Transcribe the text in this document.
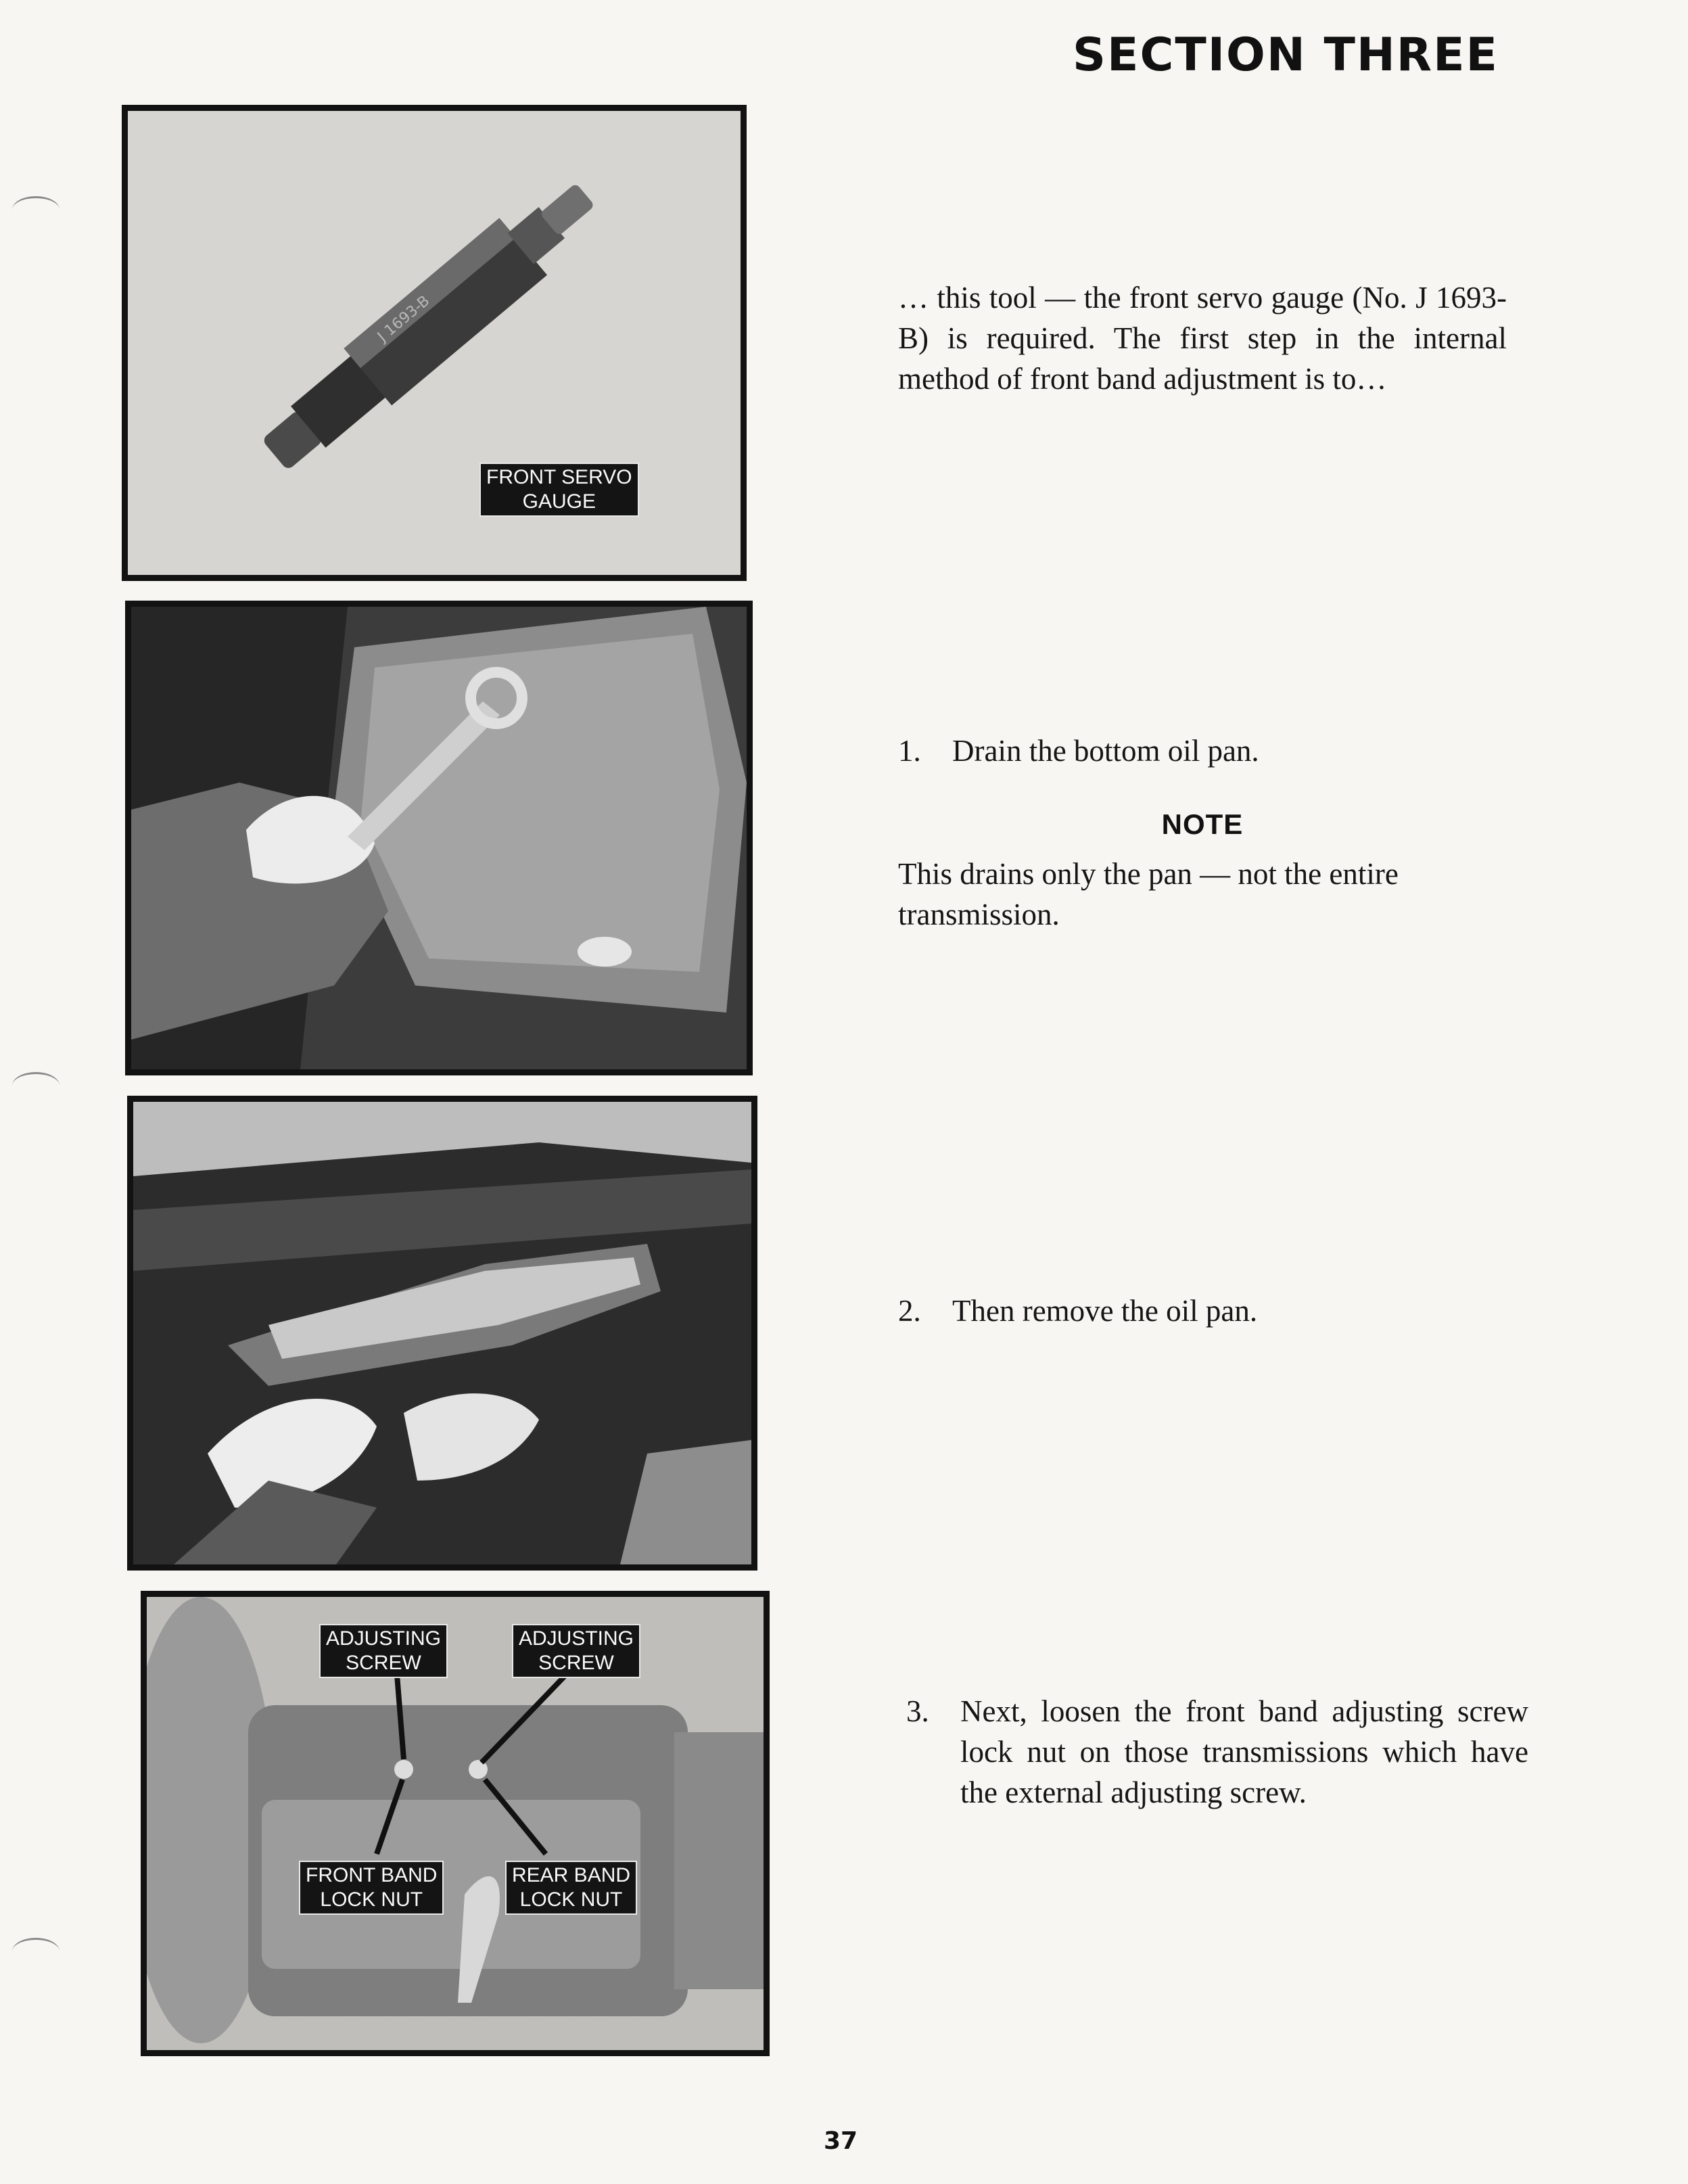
SECTION THREE
J 1693-B
FRONT SERVO
GAUGE
ADJUSTING
SCREW
ADJUSTING
SCREW
FRONT BAND
LOCK NUT
REAR BAND
LOCK NUT

… this tool — the front servo gauge (No. J 1693-B) is required. The first step in the internal method of front band adjustment is to…

1. Drain the bottom oil pan.

NOTE

This drains only the pan — not the entire transmission.

2. Then remove the oil pan.

3. Next, loosen the front band adjusting screw lock nut on those transmissions which have the external adjusting screw.

37
